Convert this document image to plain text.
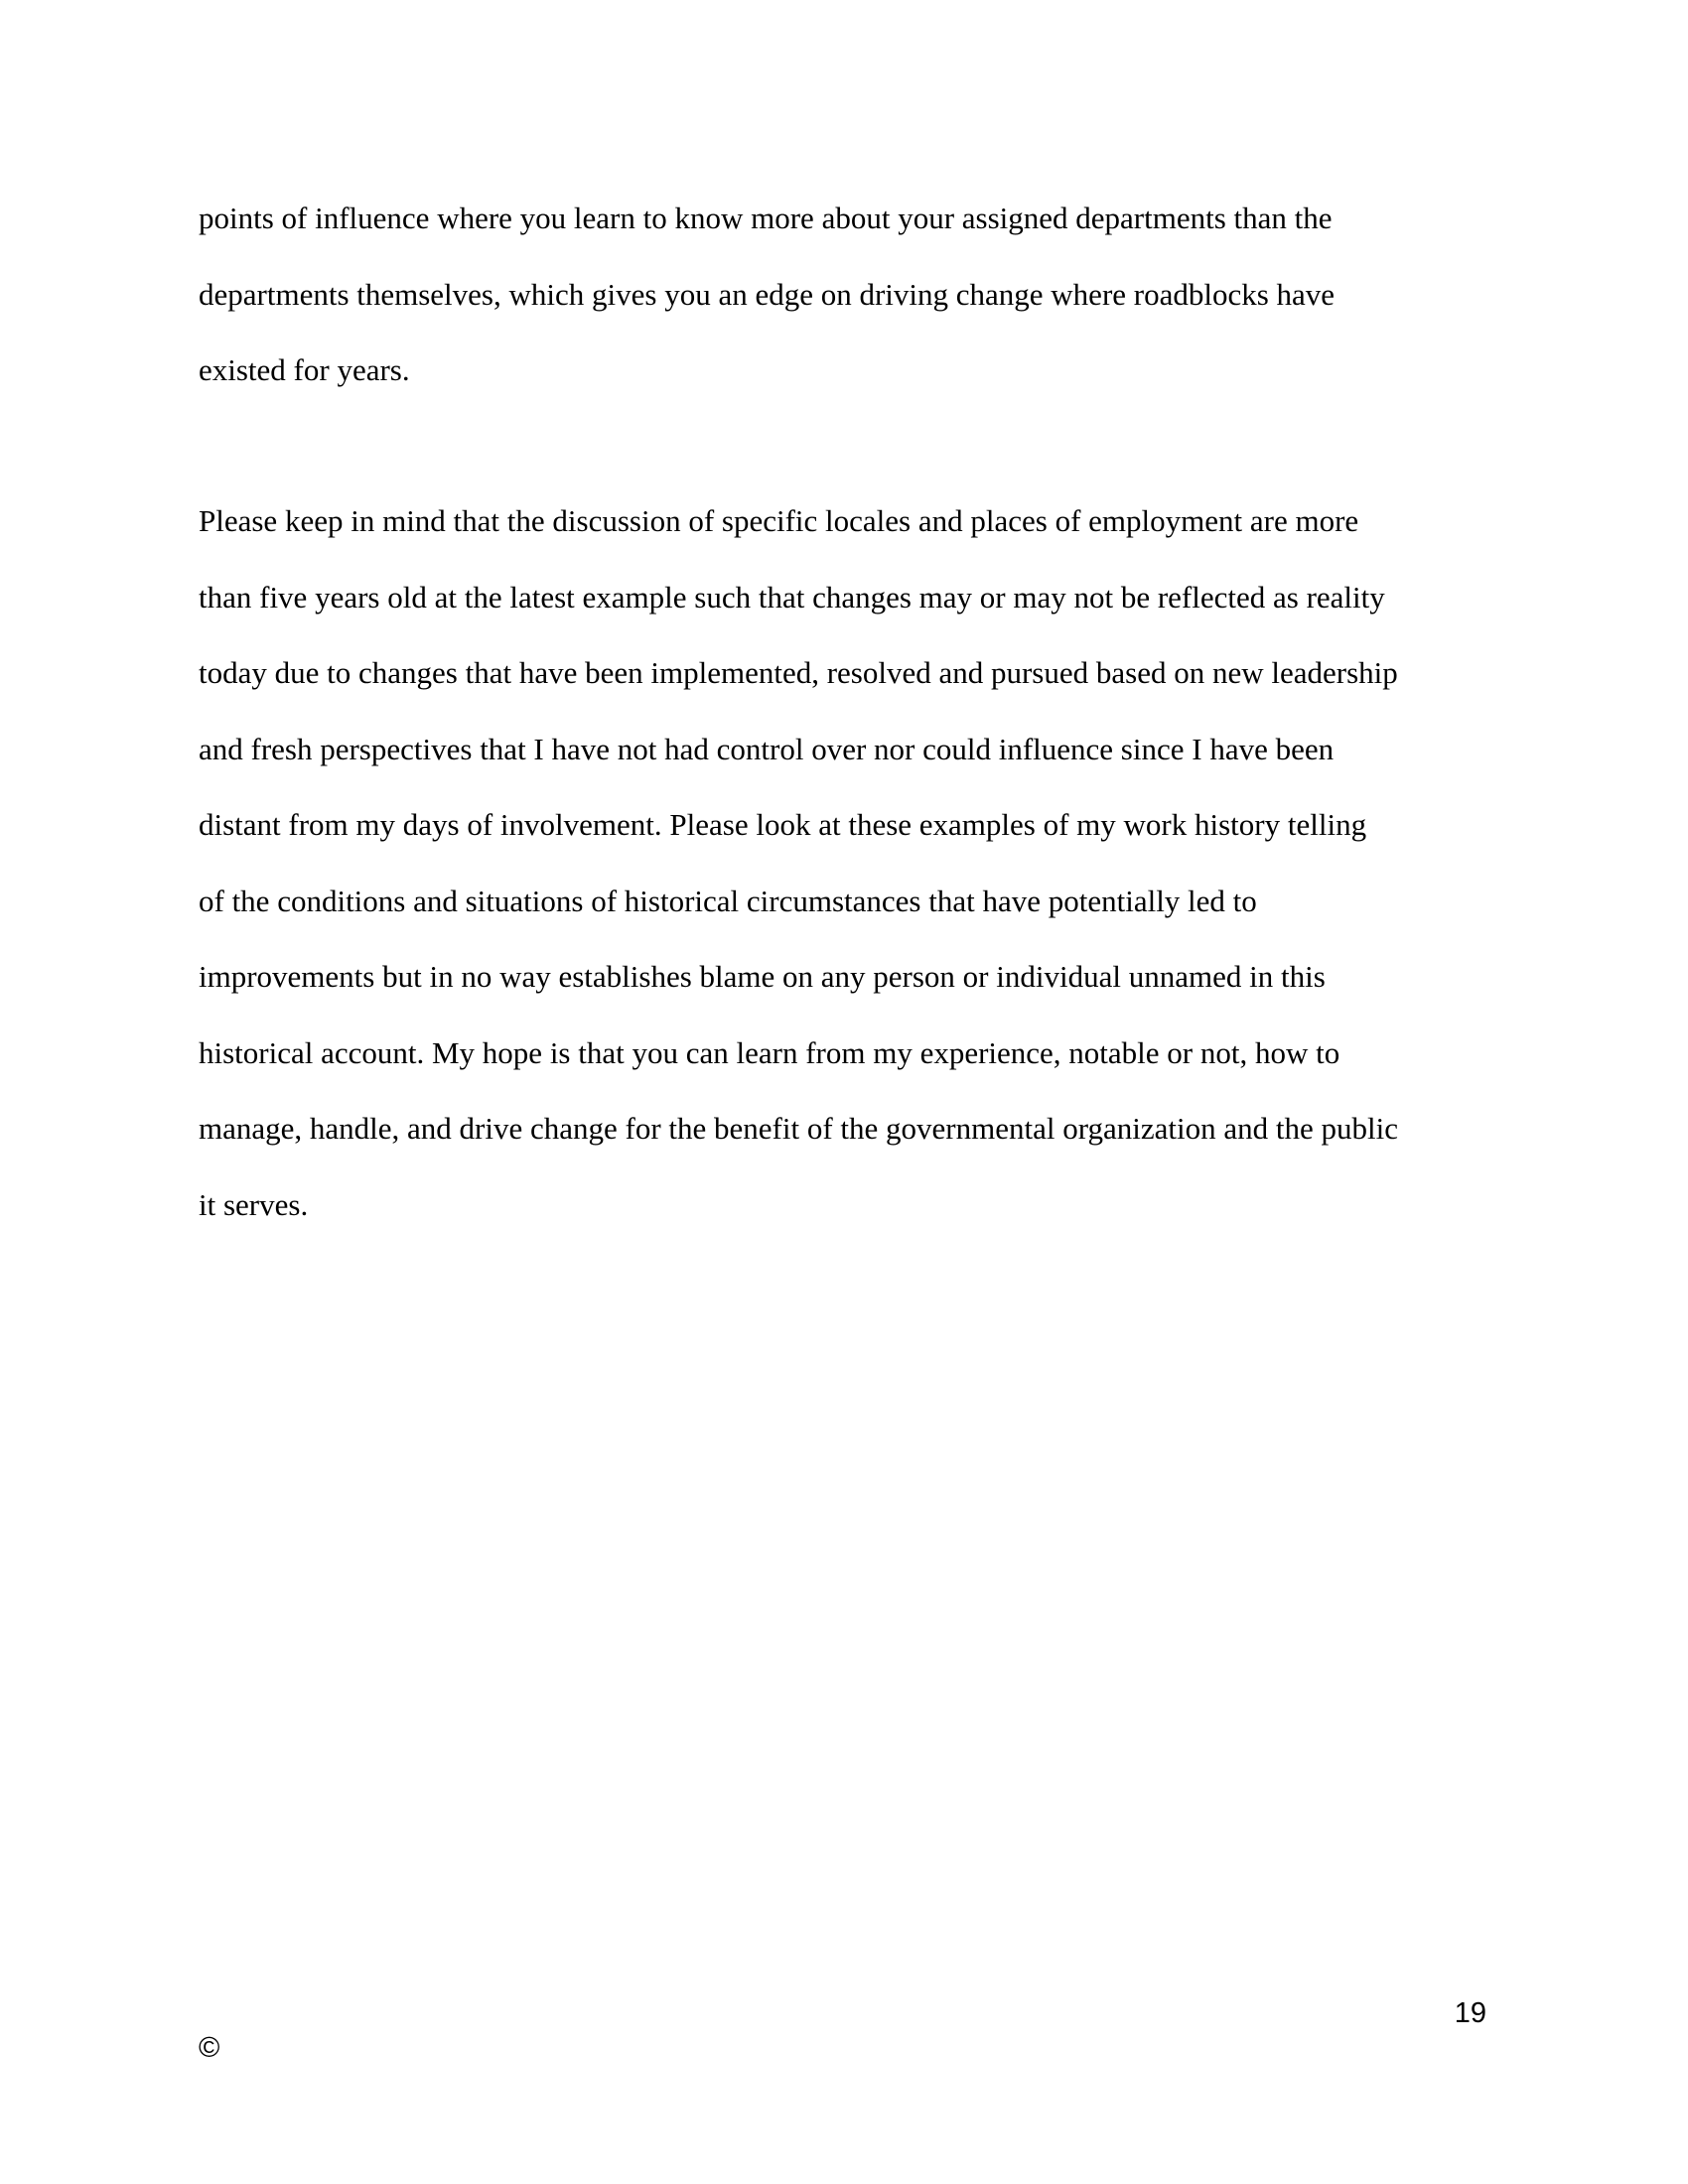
points of influence where you learn to know more about your assigned departments than the
departments themselves, which gives you an edge on driving change where roadblocks have
existed for years.

Please keep in mind that the discussion of specific locales and places of employment are more
than five years old at the latest example such that changes may or may not be reflected as reality
today due to changes that have been implemented, resolved and pursued based on new leadership
and fresh perspectives that I have not had control over nor could influence since I have been
distant from my days of involvement. Please look at these examples of my work history telling
of the conditions and situations of historical circumstances that have potentially led to
improvements but in no way establishes blame on any person or individual unnamed in this
historical account. My hope is that you can learn from my experience, notable or not, how to
manage, handle, and drive change for the benefit of the governmental organization and the public
it serves.

19
©
